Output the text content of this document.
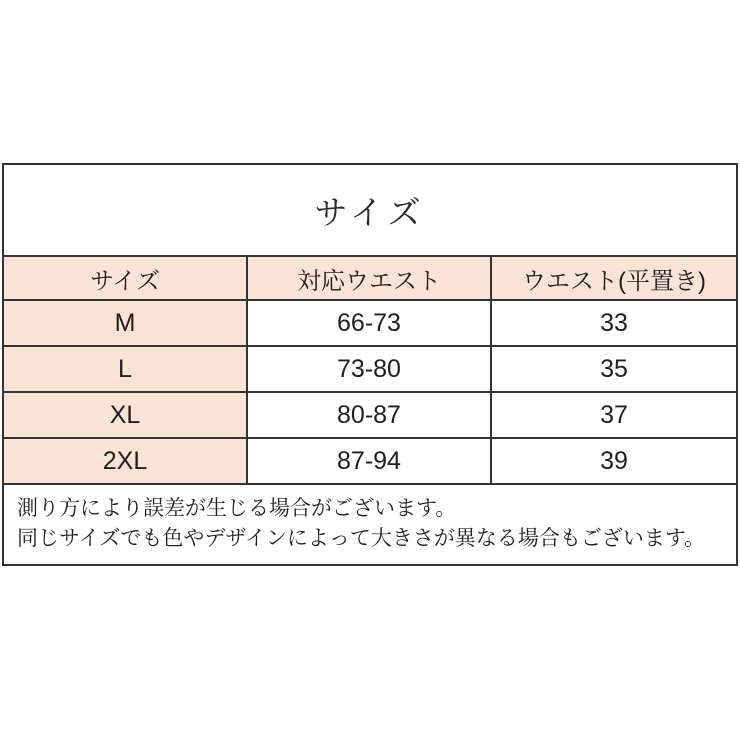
サイズ
サイズ	対応ウエスト	ウエスト(平置き)
M	66-73	33
L	73-80	35
XL	80-87	37
2XL	87-94	39

測り方により誤差が生じる場合がございます。

同じサイズでも色やデザインによって大きさが異なる場合もございます。
